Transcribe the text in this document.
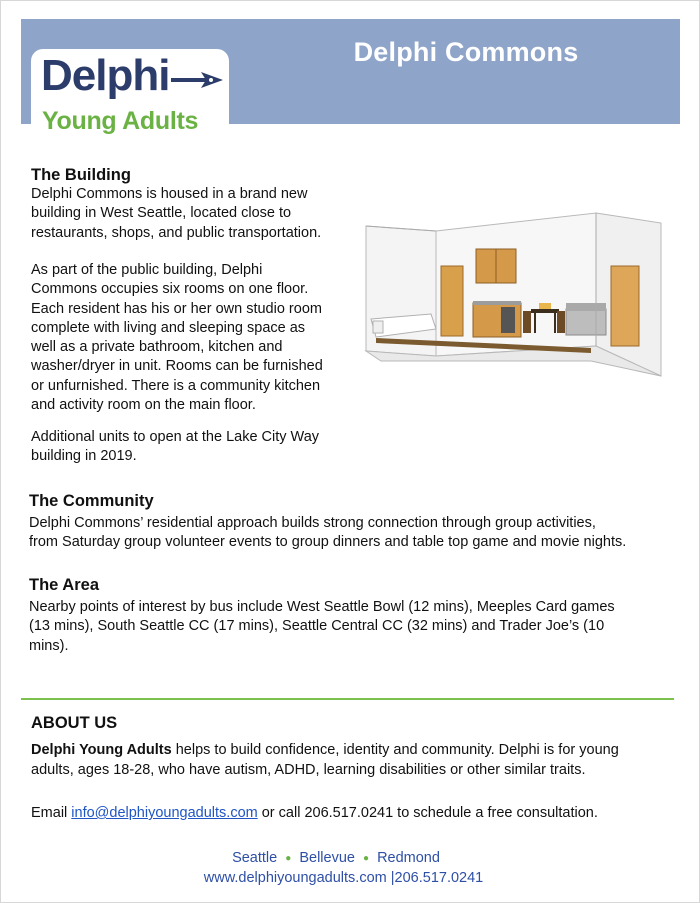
Delphi Commons
Delphi
Young Adults
The Building
Delphi Commons is housed in a brand new
building in West Seattle, located close to
restaurants, shops, and public transportation.
As part of the public building, Delphi
Commons occupies six rooms on one floor.
Each resident has his or her own studio room
complete with living and sleeping space as
well as a private bathroom, kitchen and
washer/dryer in unit. Rooms can be furnished
or unfurnished. There is a community kitchen
and activity room on the main floor.
Additional units to open at the Lake City Way
building in 2019.
The Community
Delphi Commons’ residential approach builds strong connection through group activities,
from Saturday group volunteer events to group dinners and table top game and movie nights.
The Area
Nearby points of interest by bus include West Seattle Bowl (12 mins), Meeples Card games
(13 mins), South Seattle CC (17 mins), Seattle Central CC (32 mins) and Trader Joe’s (10
mins).
ABOUT US
Delphi Young Adults helps to build confidence, identity and community. Delphi is for young
adults, ages 18-28, who have autism, ADHD, learning disabilities or other similar traits.
Email info@delphiyoungadults.com or call 206.517.0241 to schedule a free consultation.
Seattle ● Bellevue ● Redmond
www.delphiyoungadults.com |206.517.0241
